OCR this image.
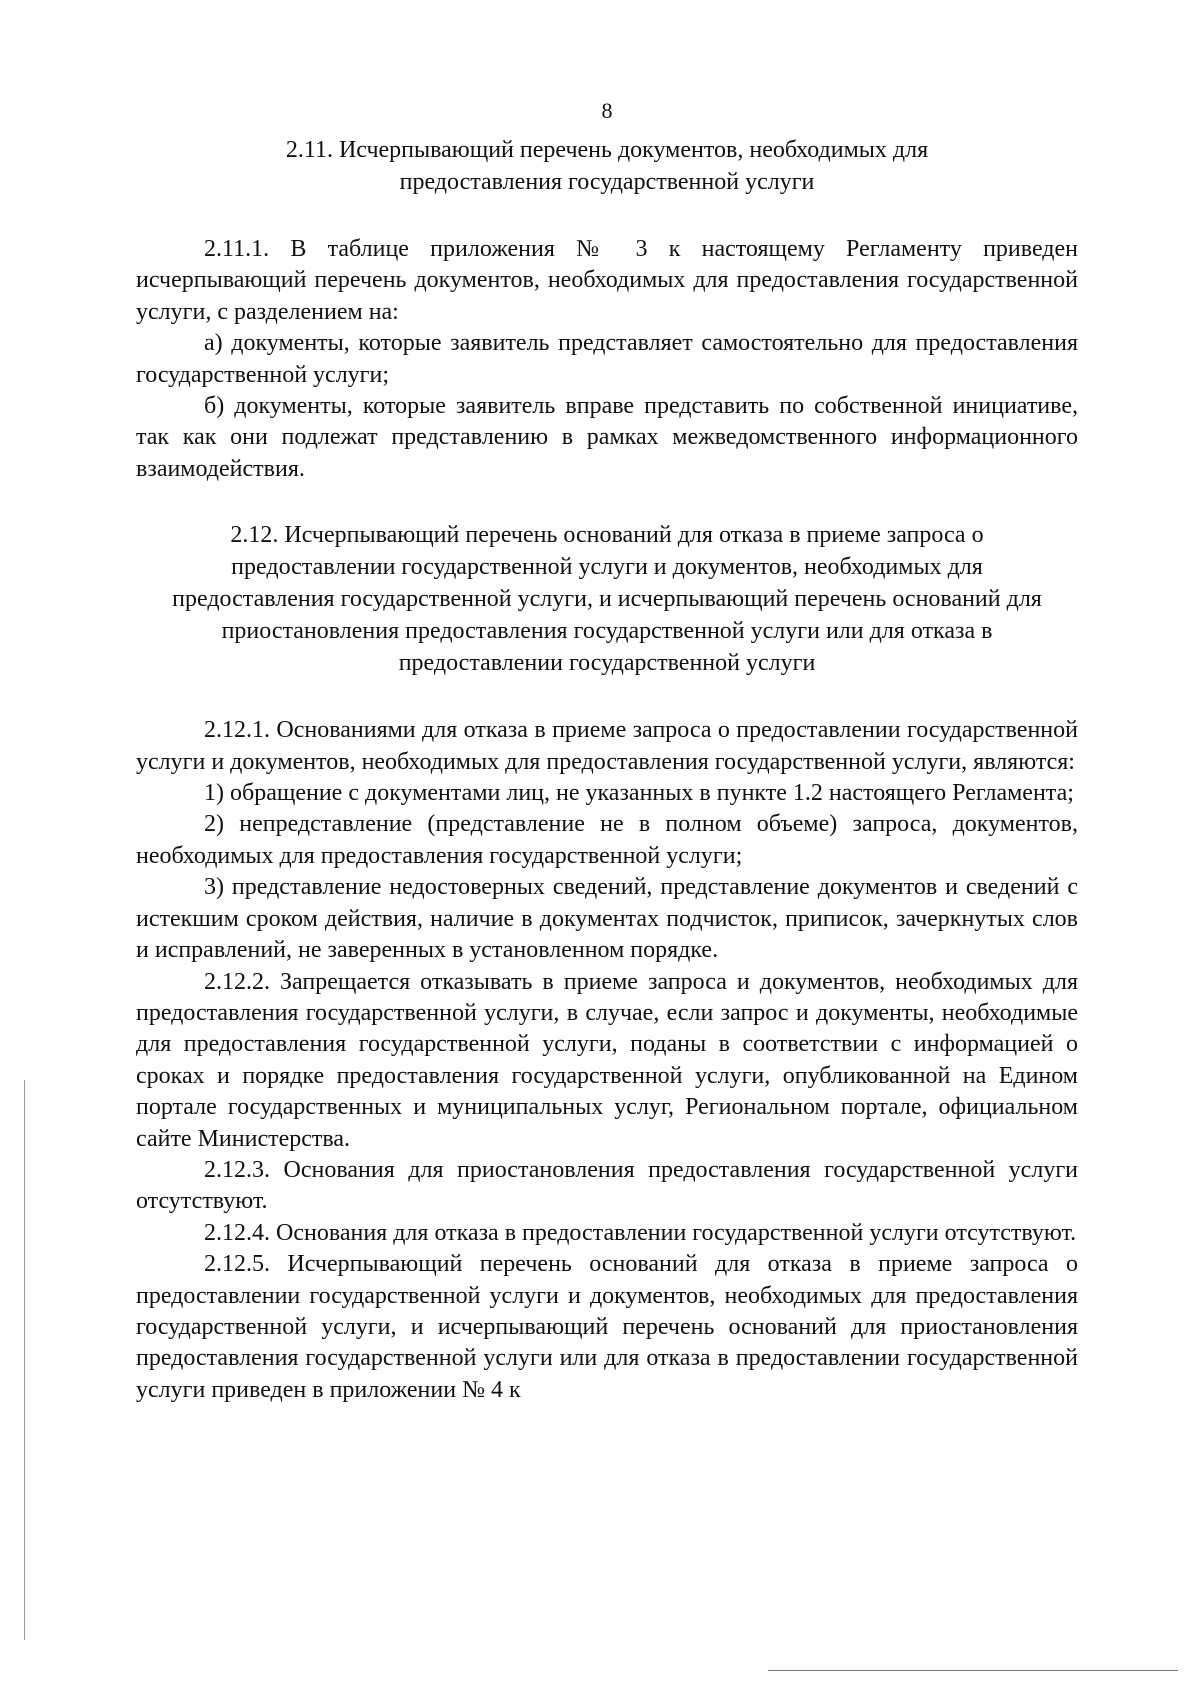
8
2.11. Исчерпывающий перечень документов, необходимых для предоставления государственной услуги

2.11.1. В таблице приложения № 3 к настоящему Регламенту приведен исчерпывающий перечень документов, необходимых для предоставления государственной услуги, с разделением на:

а) документы, которые заявитель представляет самостоятельно для предоставления государственной услуги;

б) документы, которые заявитель вправе представить по собственной инициативе, так как они подлежат представлению в рамках межведомственного информационного взаимодействия.

2.12. Исчерпывающий перечень оснований для отказа в приеме запроса о предоставлении государственной услуги и документов, необходимых для предоставления государственной услуги, и исчерпывающий перечень оснований для приостановления предоставления государственной услуги или для отказа в предоставлении государственной услуги

2.12.1. Основаниями для отказа в приеме запроса о предоставлении государственной услуги и документов, необходимых для предоставления государственной услуги, являются:

1) обращение с документами лиц, не указанных в пункте 1.2 настоящего Регламента;

2) непредставление (представление не в полном объеме) запроса, документов, необходимых для предоставления государственной услуги;

3) представление недостоверных сведений, представление документов и сведений с истекшим сроком действия, наличие в документах подчисток, приписок, зачеркнутых слов и исправлений, не заверенных в установленном порядке.

2.12.2. Запрещается отказывать в приеме запроса и документов, необходимых для предоставления государственной услуги, в случае, если запрос и документы, необходимые для предоставления государственной услуги, поданы в соответствии с информацией о сроках и порядке предоставления государственной услуги, опубликованной на Едином портале государственных и муниципальных услуг, Региональном портале, официальном сайте Министерства.

2.12.3. Основания для приостановления предоставления государственной услуги отсутствуют.

2.12.4. Основания для отказа в предоставлении государственной услуги отсутствуют.

2.12.5. Исчерпывающий перечень оснований для отказа в приеме запроса о предоставлении государственной услуги и документов, необходимых для предоставления государственной услуги, и исчерпывающий перечень оснований для приостановления предоставления государственной услуги или для отказа в предоставлении государственной услуги приведен в приложении № 4 к
